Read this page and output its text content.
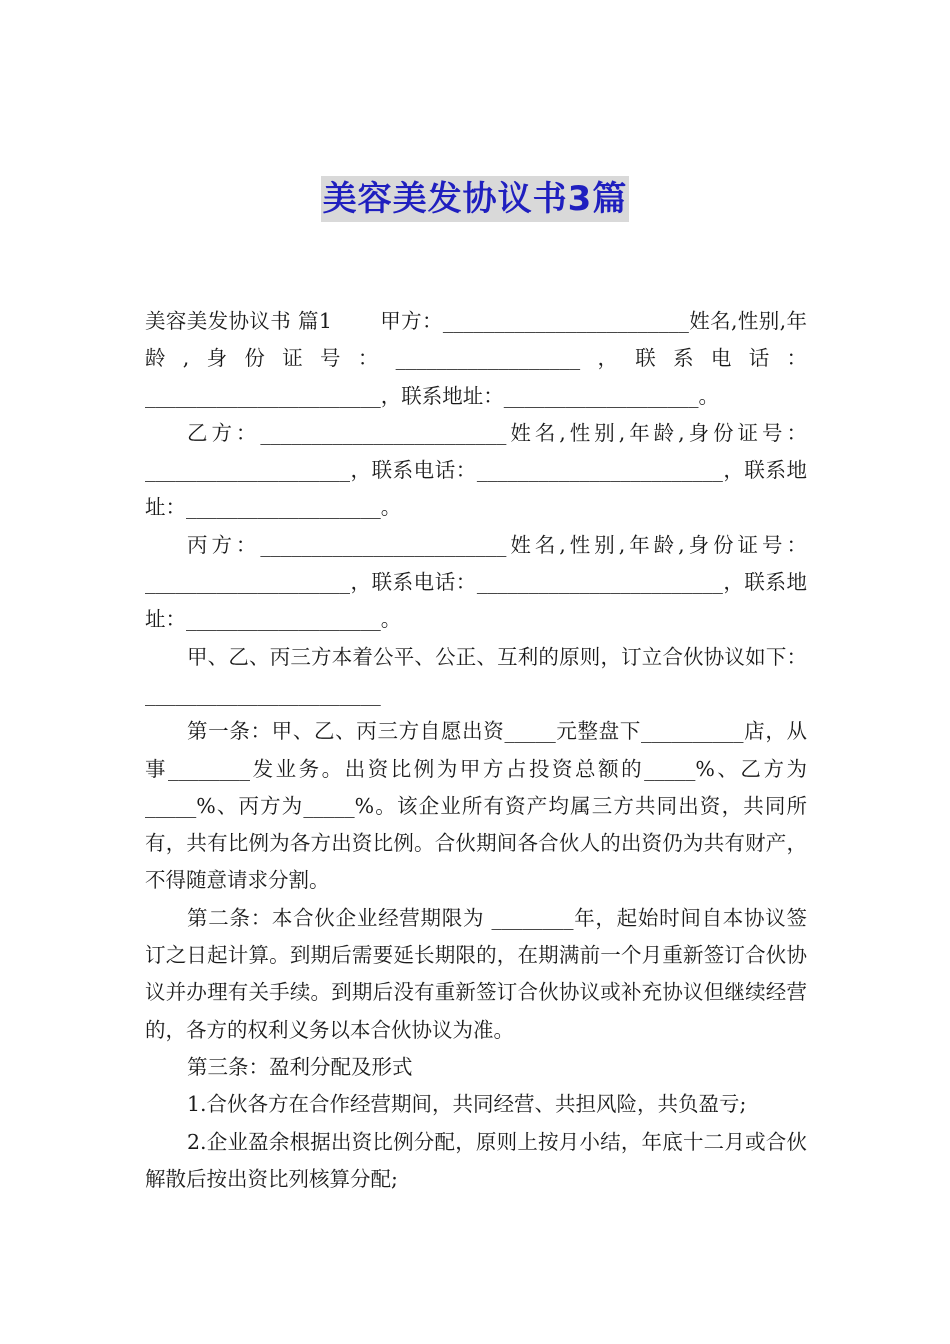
美容美发协议书3篇

美容美发协议书 篇1 甲方：________________________姓名,性别,年龄,身份证号：__________________，联系电话：_______________________，联系地址：___________________。

乙方：________________________姓名,性别,年龄,身份证号：____________________，联系电话：________________________，联系地址：___________________。

丙方：________________________姓名,性别,年龄,身份证号：____________________，联系电话：________________________，联系地址：___________________。

甲、乙、丙三方本着公平、公正、互利的原则，订立合伙协议如下：_______________________

第一条：甲、乙、丙三方自愿出资_____元整盘下__________店，从事________发业务。出资比例为甲方占投资总额的_____%、乙方为_____%、丙方为_____%。该企业所有资产均属三方共同出资，共同所有，共有比例为各方出资比例。合伙期间各合伙人的出资仍为共有财产，不得随意请求分割。

第二条：本合伙企业经营期限为 ________年，起始时间自本协议签订之日起计算。到期后需要延长期限的，在期满前一个月重新签订合伙协议并办理有关手续。到期后没有重新签订合伙协议或补充协议但继续经营的，各方的权利义务以本合伙协议为准。

第三条：盈利分配及形式

1.合伙各方在合作经营期间，共同经营、共担风险，共负盈亏;

2.企业盈余根据出资比例分配，原则上按月小结，年底十二月或合伙解散后按出资比列核算分配;
